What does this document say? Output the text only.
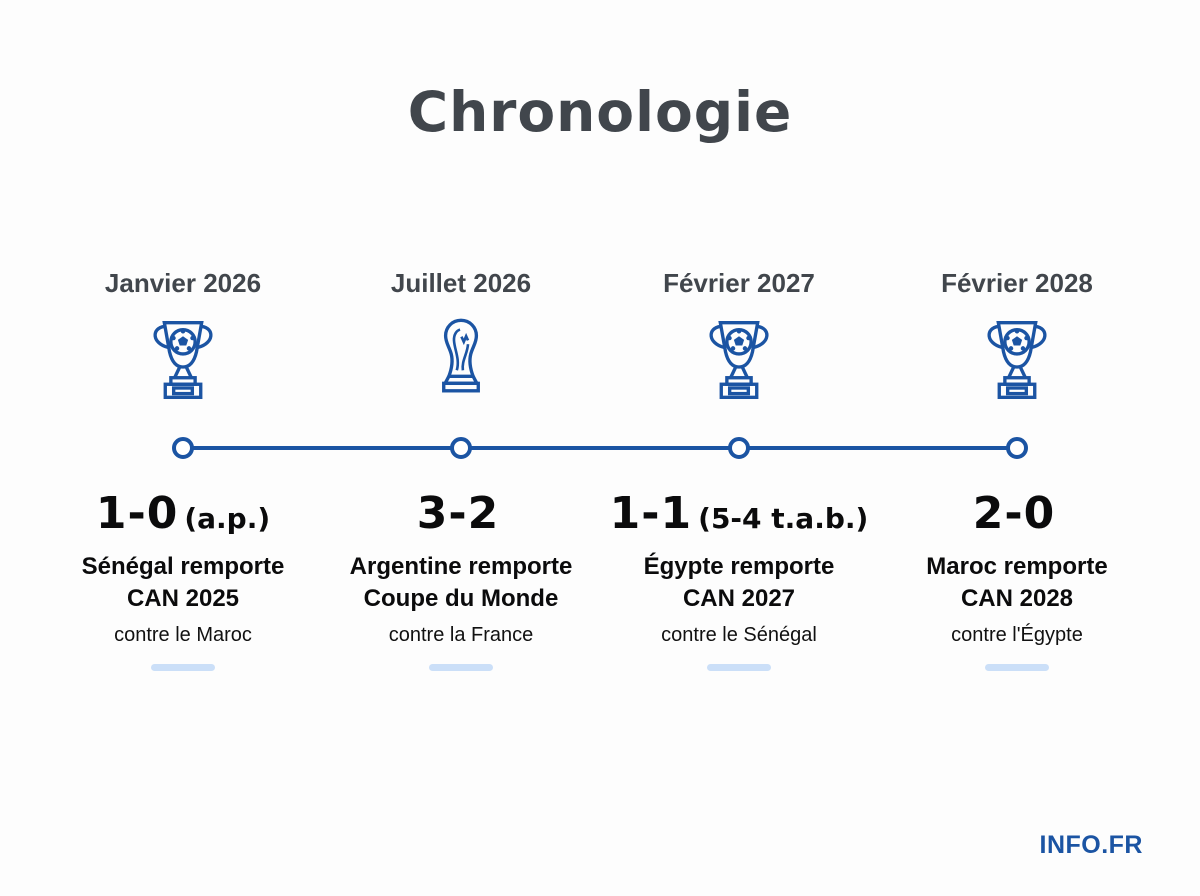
Chronologie
Janvier 2026
1-0 (a.p.)
Sénégal remporte
CAN 2025
contre le Maroc
Juillet 2026
3-2
Argentine remporte
Coupe du Monde
contre la France
Février 2027
1-1 (5-4 t.a.b.)
Égypte remporte
CAN 2027
contre le Sénégal
Février 2028
2-0
Maroc remporte
CAN 2028
contre l'Égypte
INFO.FR
